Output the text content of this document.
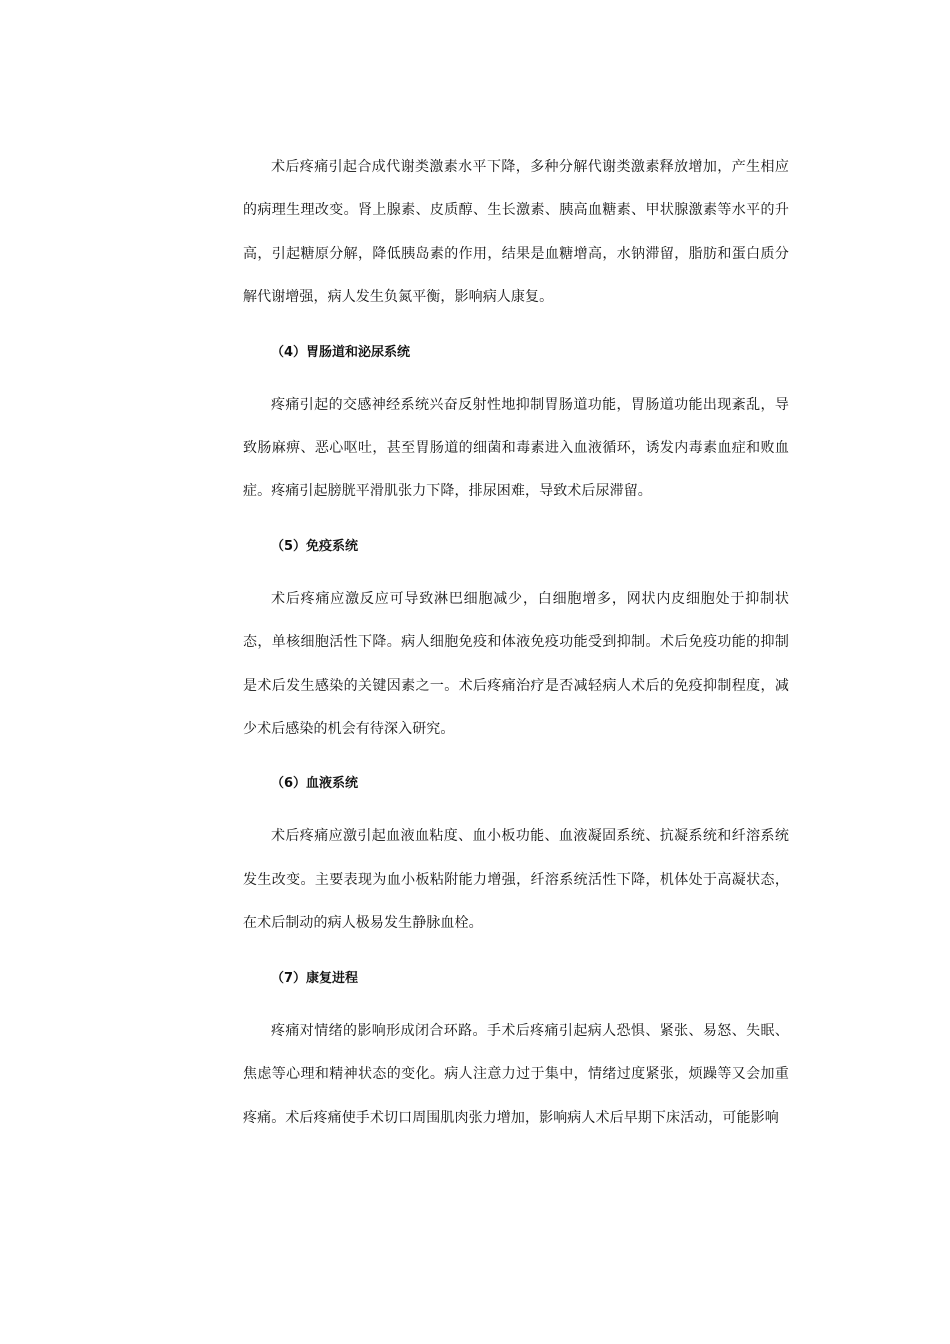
术后疼痛引起合成代谢类激素水平下降，多种分解代谢类激素释放增加，产生相应的病理生理改变。肾上腺素、皮质醇、生长激素、胰高血糖素、甲状腺激素等水平的升高，引起糖原分解，降低胰岛素的作用，结果是血糖增高，水钠滞留，脂肪和蛋白质分解代谢增强，病人发生负氮平衡，影响病人康复。

（4）胃肠道和泌尿系统

疼痛引起的交感神经系统兴奋反射性地抑制胃肠道功能，胃肠道功能出现紊乱，导致肠麻痹、恶心呕吐，甚至胃肠道的细菌和毒素进入血液循环，诱发内毒素血症和败血症。疼痛引起膀胱平滑肌张力下降，排尿困难，导致术后尿滞留。

（5）免疫系统

术后疼痛应激反应可导致淋巴细胞减少，白细胞增多，网状内皮细胞处于抑制状态，单核细胞活性下降。病人细胞免疫和体液免疫功能受到抑制。术后免疫功能的抑制是术后发生感染的关键因素之一。术后疼痛治疗是否减轻病人术后的免疫抑制程度，减少术后感染的机会有待深入研究。

（6）血液系统

术后疼痛应激引起血液血粘度、血小板功能、血液凝固系统、抗凝系统和纤溶系统发生改变。主要表现为血小板粘附能力增强，纤溶系统活性下降，机体处于高凝状态，在术后制动的病人极易发生静脉血栓。

（7）康复进程

疼痛对情绪的影响形成闭合环路。手术后疼痛引起病人恐惧、紧张、易怒、失眠、焦虑等心理和精神状态的变化。病人注意力过于集中，情绪过度紧张，烦躁等又会加重疼痛。术后疼痛使手术切口周围肌肉张力增加，影响病人术后早期下床活动，可能影响
